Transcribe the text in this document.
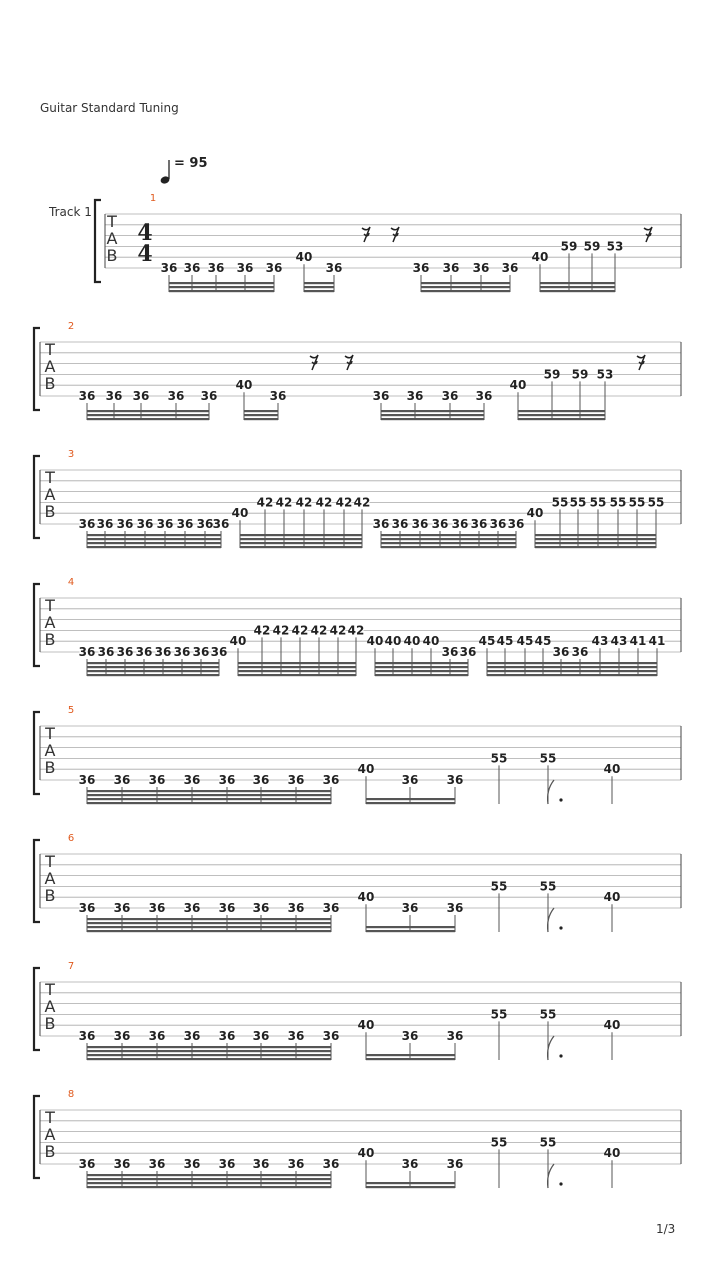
Guitar Standard Tuning
Track 1
= 95
1/3
T
A
B
4
4
1
36 36 36 36 36
40
36	36 36 36 36
40
59 59 53
T
A
B
2
36 36 36 36 36
40
36	36 36 36 36
40
59 59 53
T
A
B
3
36 36 36 36 36 36 36 36
40
42 42 42 42 42 42
36 36 36 36 36 36 36 36
40
55 55 55 55 55 55
T
A
B
4
36 36 36 36 36 36 36 36
40
42 42 42 42 42 42
40 40 40 40
36 36
45 45 45 45
36 36
43 43 41 41
T
A
B
5
36 36 36 36 36 36 36 36
40
36 36
55	55
40
T
A
B
6
36 36 36 36 36 36 36 36
40
36 36
55	55
40
T
A
B
7
36 36 36 36 36 36 36 36
40
36 36
55	55
40
T
A
B
8
36 36 36 36 36 36 36 36
40
36 36
55	55
40
